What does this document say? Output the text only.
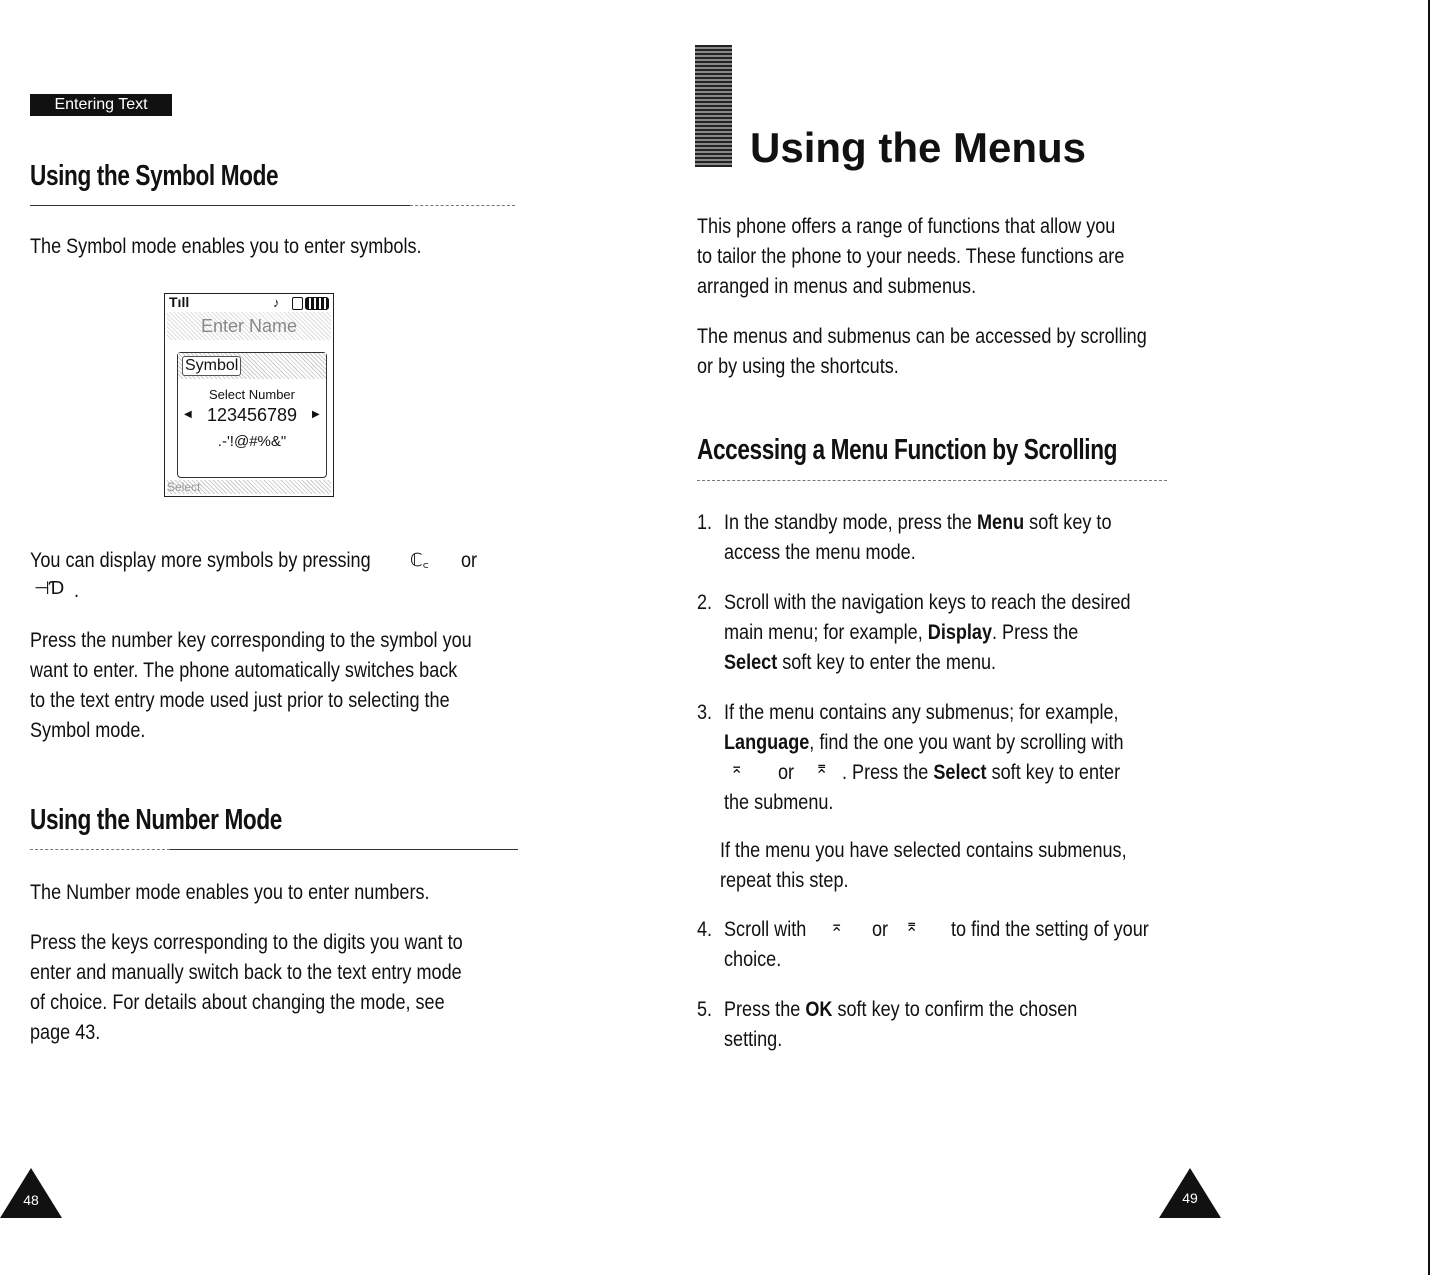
Entering Text
Using the Symbol Mode
The Symbol mode enables you to enter symbols.
Tıll	♪
Enter Name
Symbol
Select Number
◀ 123456789	▶
.-'!@#%&"
Select
You can display more symbols by pressing ℂ꜀ or
⊣Ɗ .
Press the number key corresponding to the symbol you
want to enter. The phone automatically switches back
to the text entry mode used just prior to selecting the
Symbol mode.
Using the Number Mode
The Number mode enables you to enter numbers.
Press the keys corresponding to the digits you want to
enter and manually switch back to the text entry mode
of choice. For details about changing the mode, see
page 43.
48
Using the Menus
This phone offers a range of functions that allow you
to tailor the phone to your needs. These functions are
arranged in menus and submenus.
The menus and submenus can be accessed by scrolling
or by using the shortcuts.
Accessing a Menu Function by Scrolling
1. In the standby mode, press the Menu soft key to
access the menu mode.
2. Scroll with the navigation keys to reach the desired
main menu; for example, Display. Press the
Select soft key to enter the menu.
3. If the menu contains any submenus; for example,
Language, find the one you want by scrolling with
⌅ or ⌆ . Press the Select soft key to enter
the submenu.
If the menu you have selected contains submenus,
repeat this step.
4. Scroll with ⌅ or ⌆ to find the setting of your
choice.
5. Press the OK soft key to confirm the chosen
setting.
49
